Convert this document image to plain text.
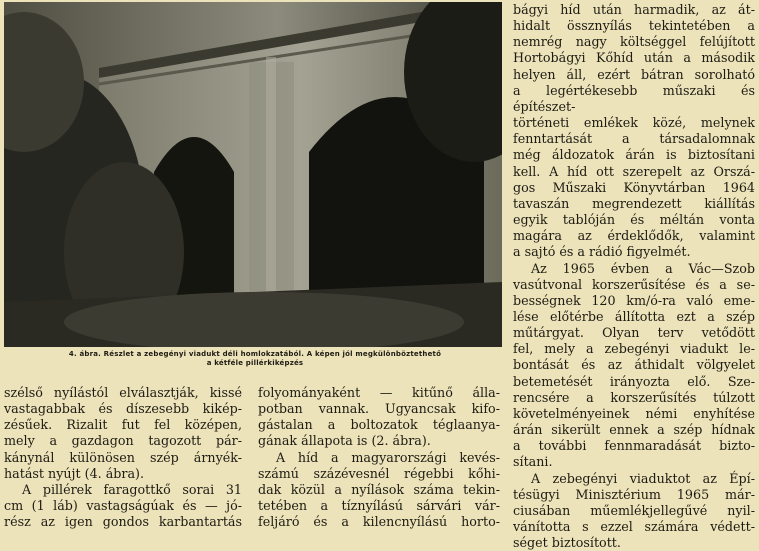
4. ábra. Részlet a zebegényi viadukt déli homlokzatából. A képen jól megkülönböztethető
a kétféle pillérkiképzés
szélső nyílástól elválasztják, kissé
vastagabbak és díszesebb kikép-
zésűek. Rizalit fut fel középen,
mely a gazdagon tagozott pár-
kánynál különösen szép árnyék-
hatást nyújt (4. ábra).
A pillérek faragottkő sorai 31
cm (1 láb) vastagságúak és — jó-
rész az igen gondos karbantartás
folyományaként — kitűnő álla-
potban vannak. Ugyancsak kifo-
gástalan a boltozatok téglaanya-
gának állapota is (2. ábra).
A híd a magyarországi kevés-
számú százévesnél régebbi kőhi-
dak közül a nyílások száma tekin-
tetében a tíznyílású sárvári vár-
feljáró és a kilencnyílású horto-
bágyi híd után harmadik, az át-
hidalt össznyílás tekintetében a
nemrég nagy költséggel felújított
Hortobágyi Kőhíd után a második
helyen áll, ezért bátran sorolható
a legértékesebb műszaki és építészet-
történeti emlékek közé, melynek
fenntartását a társadalomnak
még áldozatok árán is biztosítani
kell. A híd ott szerepelt az Orszá-
gos Műszaki Könyvtárban 1964
tavaszán megrendezett kiállítás
egyik tablóján és méltán vonta
magára az érdeklődők, valamint
a sajtó és a rádió figyelmét.
Az 1965 évben a Vác—Szob
vasútvonal korszerűsítése és a se-
bességnek 120 km/ó-ra való eme-
lése előtérbe állította ezt a szép
műtárgyat. Olyan terv vetődött
fel, mely a zebegényi viadukt le-
bontását és az áthidalt völgyelet
betemetését irányozta elő. Sze-
rencsére a korszerűsítés túlzott
követelményeinek némi enyhítése
árán sikerült ennek a szép hídnak
a további fennmaradását bizto-
sítani.
A zebegényi viaduktot az Épí-
tésügyi Minisztérium 1965 már-
ciusában műemlékjellegűvé nyil-
vánította s ezzel számára védett-
séget biztosított.
